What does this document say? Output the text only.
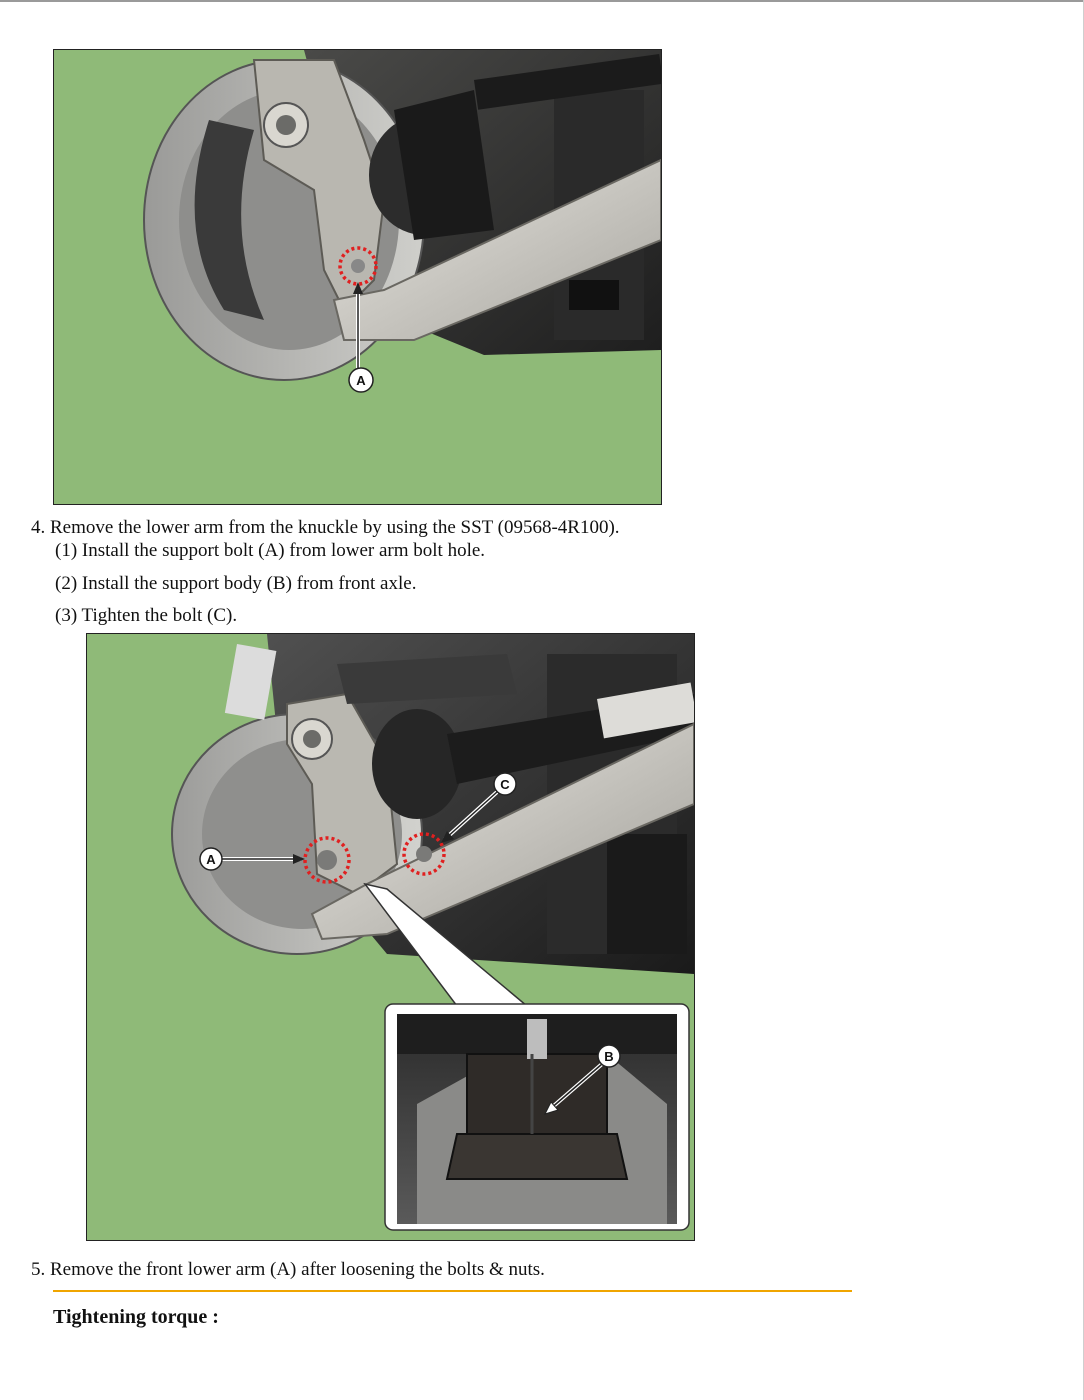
A
4. Remove the lower arm from the knuckle by using the SST (09568-4R100).
(1) Install the support bolt (A) from lower arm bolt hole.
(2) Install the support body (B) from front axle.
(3) Tighten the bolt (C).
A
C
B
5. Remove the front lower arm (A) after loosening the bolts & nuts.
Tightening torque :
